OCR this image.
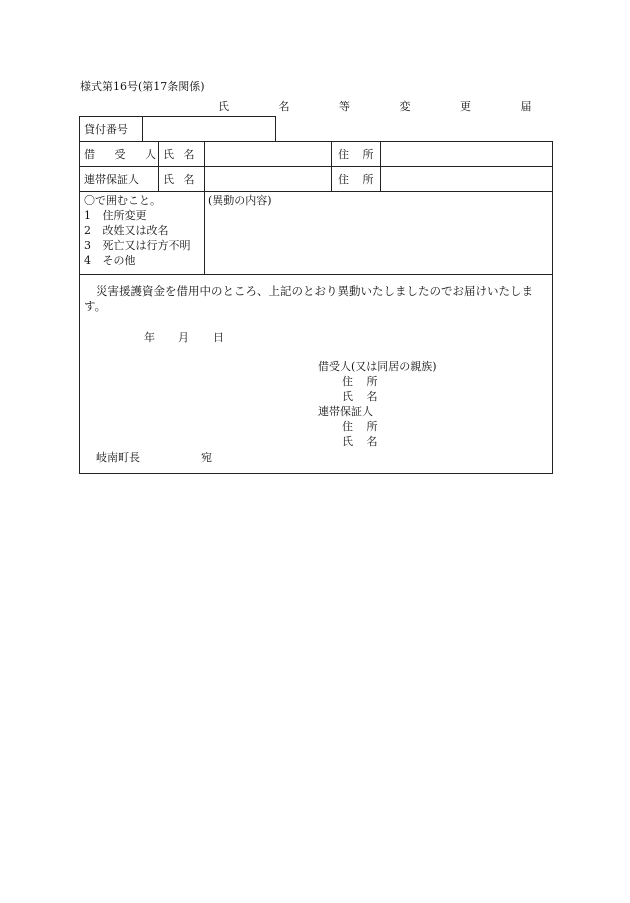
様式第16号(第17条関係)
氏 名 等 変 更 届
貸付番号
借 受 人 氏 名	住 所
連帯保証人 氏 名	住 所
〇で囲むこと。
1 住所変更
2 改姓又は改名
3 死亡又は行方不明
4 その他
(異動の内容)
災害援護資金を借用中のところ、上記のとおり異動いたしましたのでお届けいたしま
す。
年 月 日
借受人(又は同居の親族)
住 所
氏 名
連帯保証人
住 所
氏 名
岐南町長	宛
